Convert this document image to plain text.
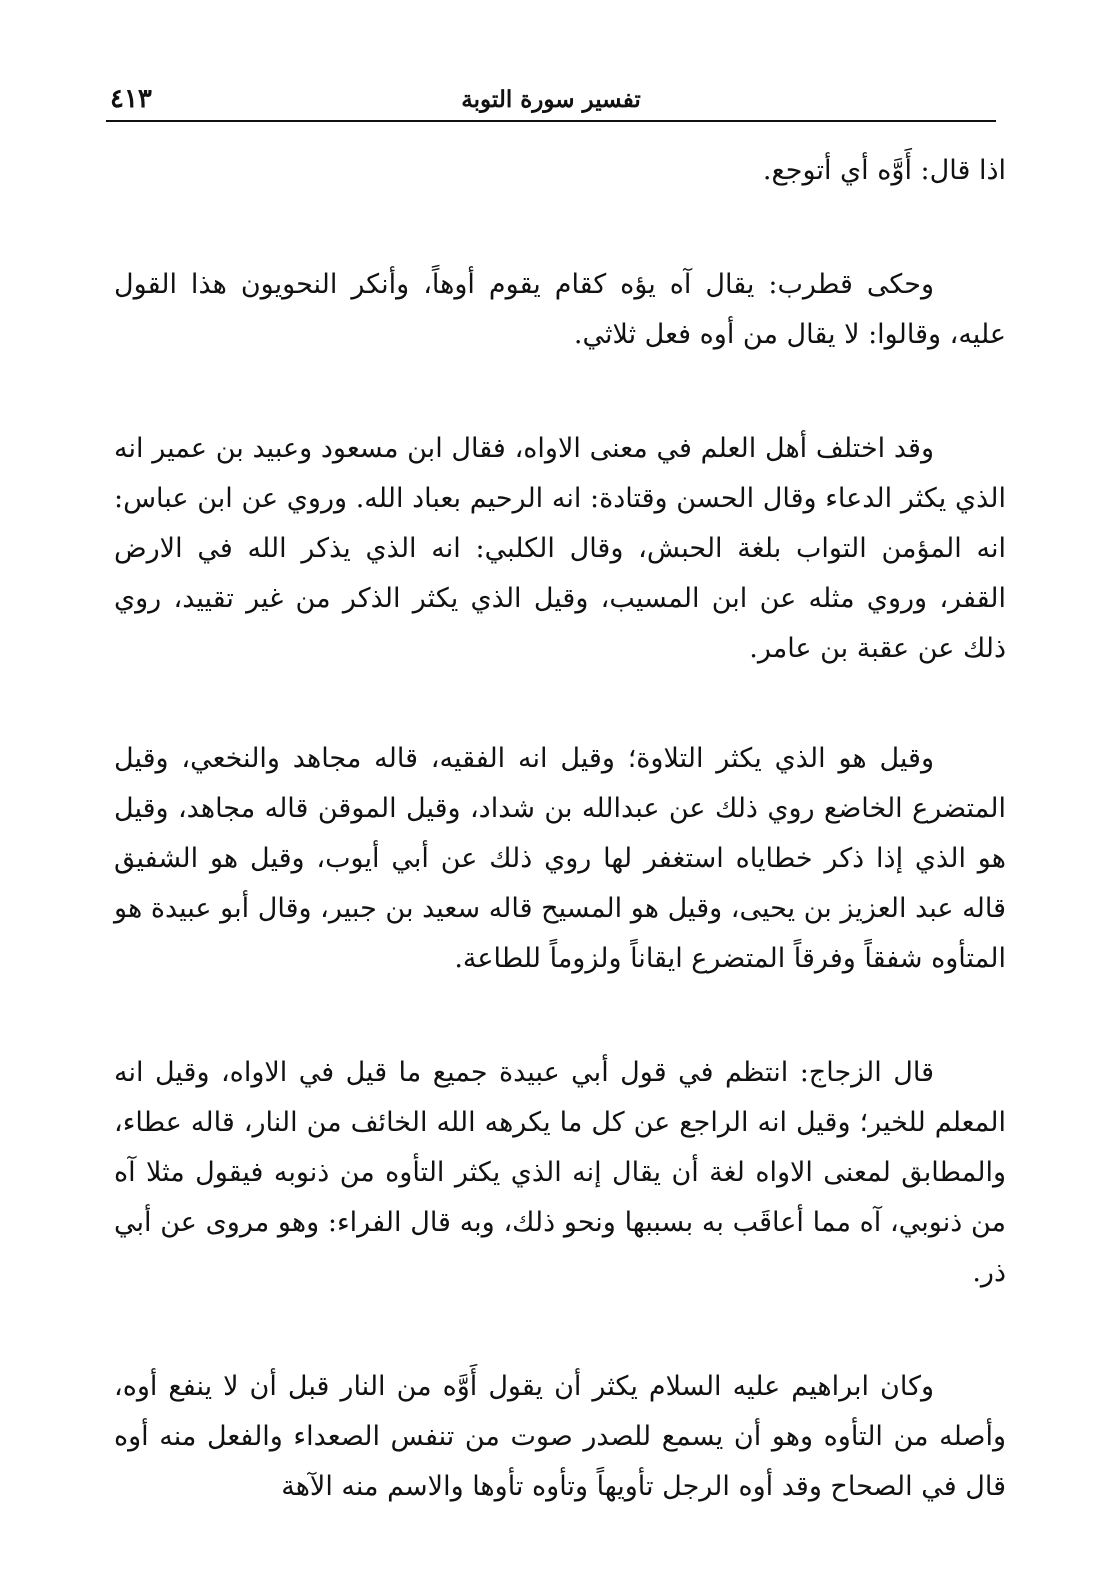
تفسير سورة التوبة
٤١٣

اذا قال: أَوَّه أي أتوجع.

وحكى قطرب: يقال آه يؤه كقام يقوم أوهاً، وأنكر النحويون هذا القول عليه، وقالوا: لا يقال من أوه فعل ثلاثي.

وقد اختلف أهل العلم في معنى الاواه، فقال ابن مسعود وعبيد بن عمير انه الذي يكثر الدعاء وقال الحسن وقتادة: انه الرحيم بعباد الله. وروي عن ابن عباس: انه المؤمن التواب بلغة الحبش، وقال الكلبي: انه الذي يذكر الله في الارض القفر، وروي مثله عن ابن المسيب، وقيل الذي يكثر الذكر من غير تقييد، روي ذلك عن عقبة بن عامر.

وقيل هو الذي يكثر التلاوة؛ وقيل انه الفقيه، قاله مجاهد والنخعي، وقيل المتضرع الخاضع روي ذلك عن عبدالله بن شداد، وقيل الموقن قاله مجاهد، وقيل هو الذي إذا ذكر خطاياه استغفر لها روي ذلك عن أبي أيوب، وقيل هو الشفيق قاله عبد العزيز بن يحيى، وقيل هو المسيح قاله سعيد بن جبير، وقال أبو عبيدة هو المتأوه شفقاً وفرقاً المتضرع ايقاناً ولزوماً للطاعة.

قال الزجاج: انتظم في قول أبي عبيدة جميع ما قيل في الاواه، وقيل انه المعلم للخير؛ وقيل انه الراجع عن كل ما يكرهه الله الخائف من النار، قاله عطاء، والمطابق لمعنى الاواه لغة أن يقال إنه الذي يكثر التأوه من ذنوبه فيقول مثلا آه من ذنوبي، آه مما أعاقَب به بسببها ونحو ذلك، وبه قال الفراء: وهو مروى عن أبي ذر.

وكان ابراهيم عليه السلام يكثر أن يقول أَوَّه من النار قبل أن لا ينفع أوه، وأصله من التأوه وهو أن يسمع للصدر صوت من تنفس الصعداء والفعل منه أوه قال في الصحاح وقد أوه الرجل تأويهاً وتأوه تأوها والاسم منه الآهة
